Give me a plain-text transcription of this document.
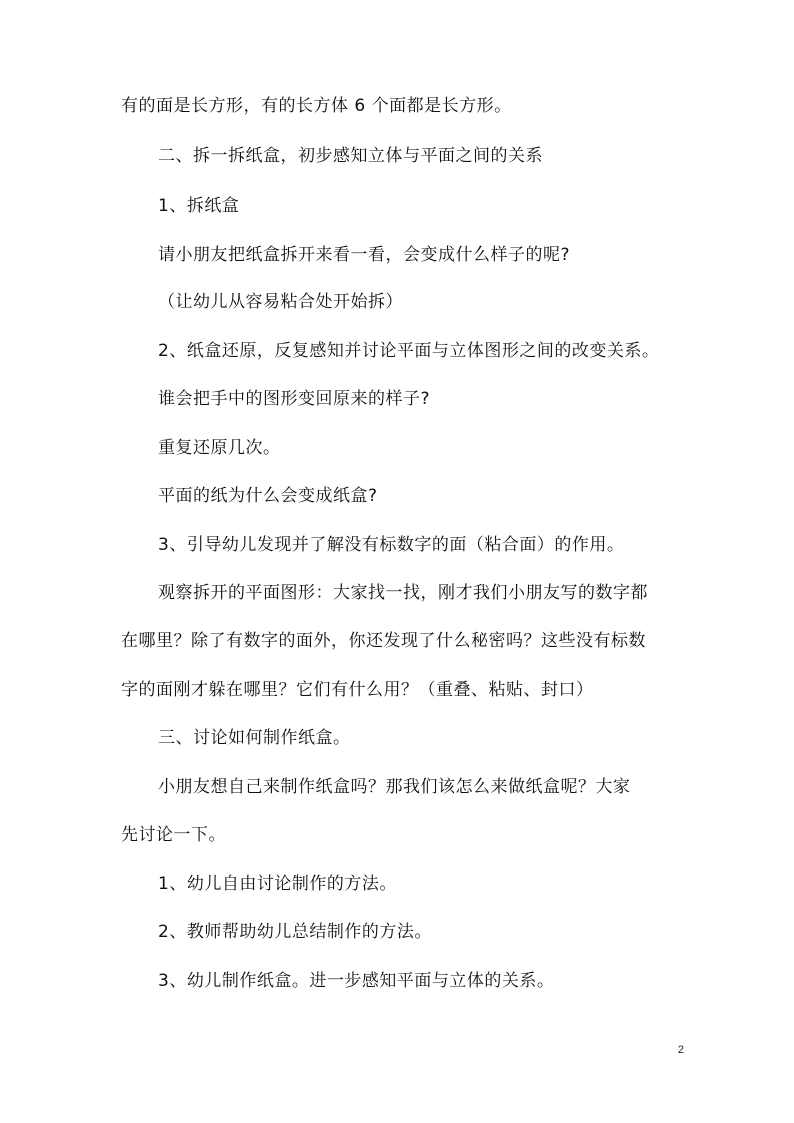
有的面是长方形，有的长方体 6 个面都是长方形。
二、拆一拆纸盒，初步感知立体与平面之间的关系
1、拆纸盒
请小朋友把纸盒拆开来看一看，会变成什么样子的呢?
（让幼儿从容易粘合处开始拆）
2、纸盒还原，反复感知并讨论平面与立体图形之间的改变关系。
谁会把手中的图形变回原来的样子?
重复还原几次。
平面的纸为什么会变成纸盒?
3、引导幼儿发现并了解没有标数字的面（粘合面）的作用。
观察拆开的平面图形：大家找一找，刚才我们小朋友写的数字都
在哪里？除了有数字的面外，你还发现了什么秘密吗？这些没有标数
字的面刚才躲在哪里？它们有什么用？（重叠、粘贴、封口）
三、讨论如何制作纸盒。
小朋友想自己来制作纸盒吗？那我们该怎么来做纸盒呢？大家
先讨论一下。
1、幼儿自由讨论制作的方法。
2、教师帮助幼儿总结制作的方法。
3、幼儿制作纸盒。进一步感知平面与立体的关系。
2
